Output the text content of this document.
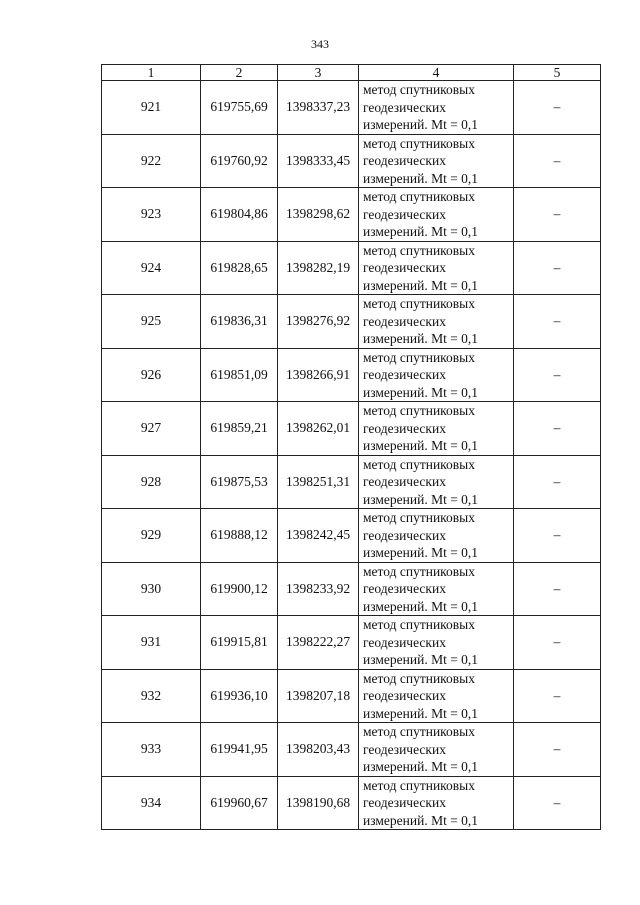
343
1	2	3	4	5
921	619755,69	1398337,23	метод спутниковых
геодезических
измерений. Mt = 0,1	–
922	619760,92	1398333,45	метод спутниковых
геодезических
измерений. Mt = 0,1	–
923	619804,86	1398298,62	метод спутниковых
геодезических
измерений. Mt = 0,1	–
924	619828,65	1398282,19	метод спутниковых
геодезических
измерений. Mt = 0,1	–
925	619836,31	1398276,92	метод спутниковых
геодезических
измерений. Mt = 0,1	–
926	619851,09	1398266,91	метод спутниковых
геодезических
измерений. Mt = 0,1	–
927	619859,21	1398262,01	метод спутниковых
геодезических
измерений. Mt = 0,1	–
928	619875,53	1398251,31	метод спутниковых
геодезических
измерений. Mt = 0,1	–
929	619888,12	1398242,45	метод спутниковых
геодезических
измерений. Mt = 0,1	–
930	619900,12	1398233,92	метод спутниковых
геодезических
измерений. Mt = 0,1	–
931	619915,81	1398222,27	метод спутниковых
геодезических
измерений. Mt = 0,1	–
932	619936,10	1398207,18	метод спутниковых
геодезических
измерений. Mt = 0,1	–
933	619941,95	1398203,43	метод спутниковых
геодезических
измерений. Mt = 0,1	–
934	619960,67	1398190,68	метод спутниковых
геодезических
измерений. Mt = 0,1	–
